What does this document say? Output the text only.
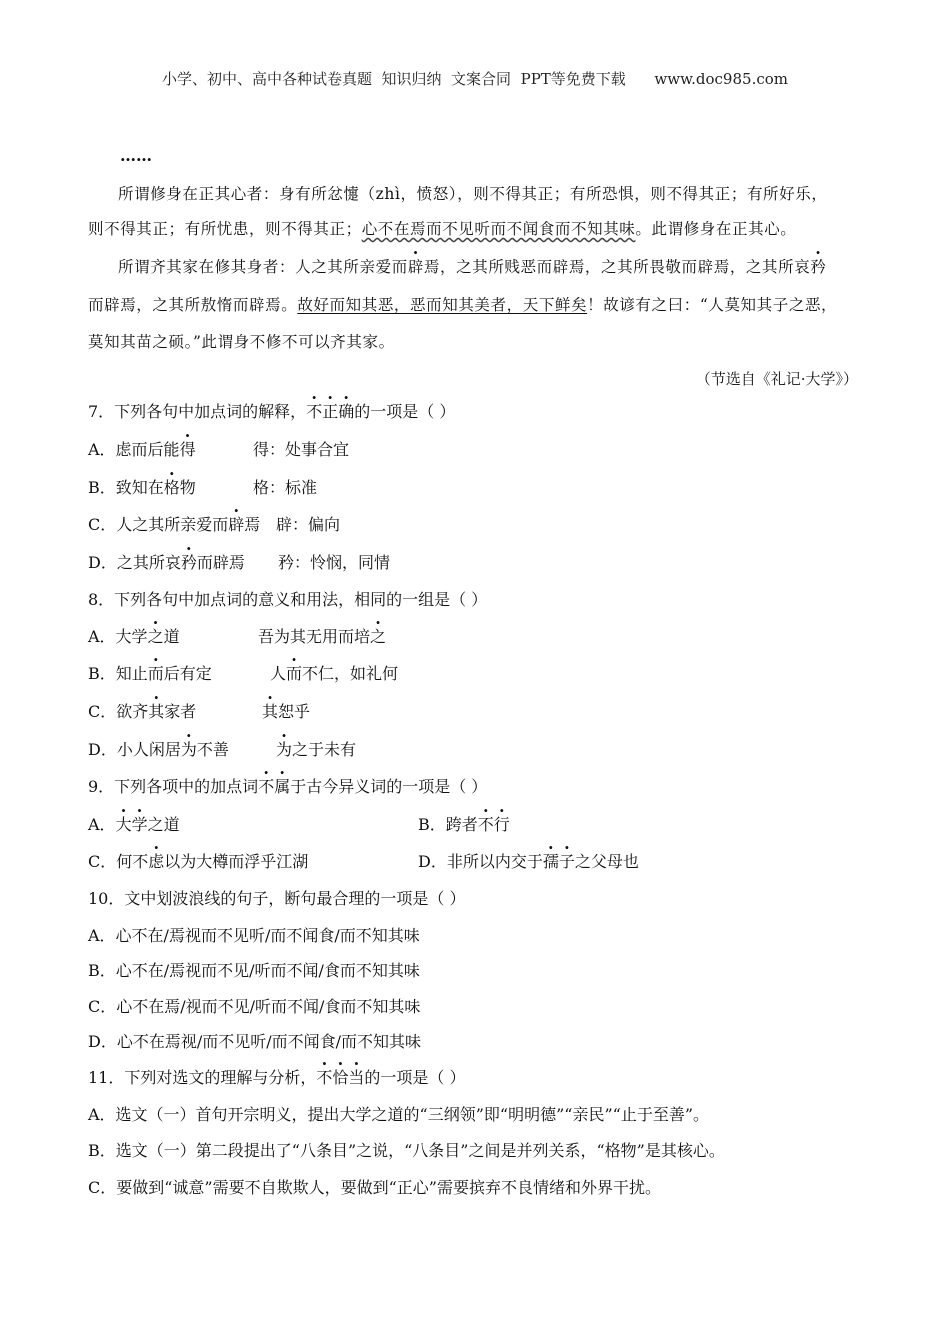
小学、初中、高中各种试卷真题  知识归纳  文案合同  PPT等免费下载      www.doc985.com
……
所谓修身在正其心者：身有所忿懥（zhì，愤怒），则不得其正；有所恐惧，则不得其正；有所好乐，
则不得其正；有所忧患，则不得其正；心不在焉而不见听而不闻食而不知其味。此谓修身在正其心。
所谓齐其家在修其身者：人之其所亲爱而辟焉，之其所贱恶而辟焉，之其所畏敬而辟焉，之其所哀矜
而辟焉，之其所敖惰而辟焉。故好而知其恶，恶而知其美者，天下鲜矣！故谚有之曰：“人莫知其子之恶，
莫知其苗之硕。”此谓身不修不可以齐其家。
（节选自《礼记·大学》）
7．下列各句中加点词的解释，不正确的一项是（ ）
A．虑而后能得	得：处事合宜
B．致知在格物	格：标准
C．人之其所亲爱而辟焉 辟：偏向
D．之其所哀矜而辟焉 矜：怜悯，同情
8．下列各句中加点词的意义和用法，相同的一组是（ ）
A．大学之道	吾为其无用而培之
B．知止而后有定	人而不仁，如礼何
C．欲齐其家者	其恕乎
D．小人闲居为不善	为之于未有
9．下列各项中的加点词不属于古今异义词的一项是（ ）
A．大学之道	B．跨者不行
C．何不虑以为大樽而浮乎江湖	D．非所以内交于孺子之父母也
10．文中划波浪线的句子，断句最合理的一项是（ ）
A．心不在/焉视而不见听/而不闻食/而不知其味
B．心不在/焉视而不见/听而不闻/食而不知其味
C．心不在焉/视而不见/听而不闻/食而不知其味
D．心不在焉视/而不见听/而不闻食/而不知其味
11．下列对选文的理解与分析，不恰当的一项是（ ）
A．选文（一）首句开宗明义，提出大学之道的“三纲领”即“明明德”“亲民”“止于至善”。
B．选文（一）第二段提出了“八条目”之说，“八条目”之间是并列关系，“格物”是其核心。
C．要做到“诚意”需要不自欺欺人，要做到“正心”需要摈弃不良情绪和外界干扰。
